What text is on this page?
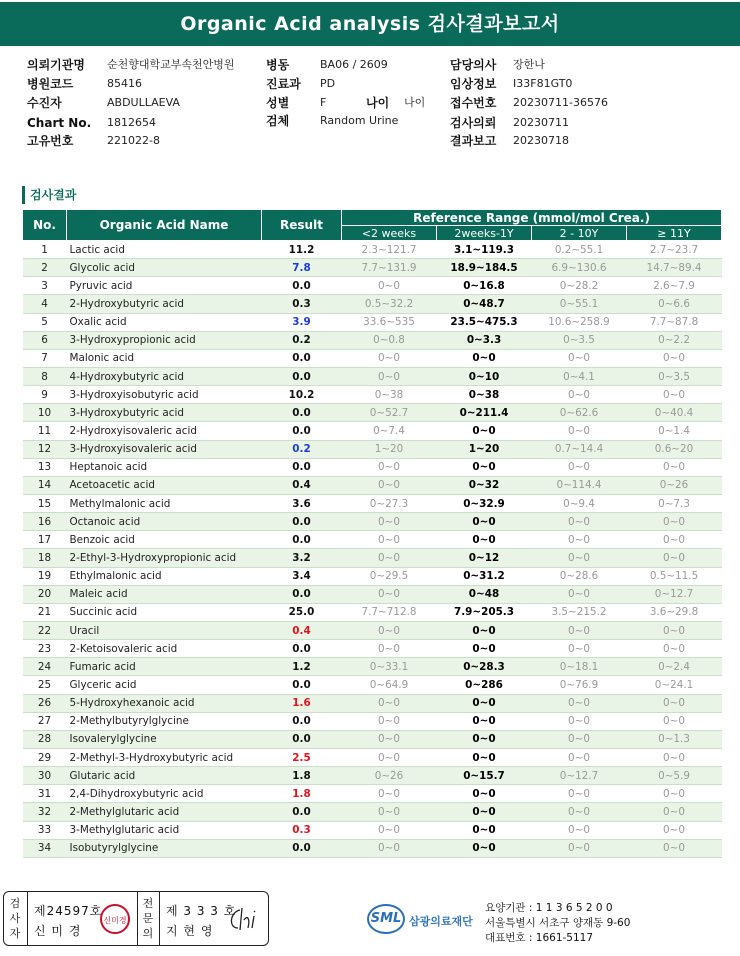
Organic Acid analysis 검사결과보고서
의뢰기관명 순천향대학교부속천안병원
병원코드	85416
수진자	ABDULLAEVA
Chart No. 1812654
고유번호	221022-8
병동	BA06 / 2609
진료과 PD
성별	F	나이 나이
검체	Random Urine
담당의사 장한나
임상정보 I33F81GT0
접수번호 20230711-36576
검사의뢰 20230711
결과보고 20230718
검사결과
No.	Organic Acid Name	Result	Reference Range (mmol/mol Crea.)			
			<2 weeks	2weeks-1Y	2 - 10Y	≥ 11Y
1	Lactic acid	11.2	2.3~121.7	3.1~119.3	0.2~55.1	2.7~23.7
2	Glycolic acid	7.8	7.7~131.9	18.9~184.5	6.9~130.6	14.7~89.4
3	Pyruvic acid	0.0	0~0	0~16.8	0~28.2	2.6~7.9
4	2-Hydroxybutyric acid	0.3	0.5~32.2	0~48.7	0~55.1	0~6.6
5	Oxalic acid	3.9	33.6~535	23.5~475.3	10.6~258.9	7.7~87.8
6	3-Hydroxypropionic acid	0.2	0~0.8	0~3.3	0~3.5	0~2.2
7	Malonic acid	0.0	0~0	0~0	0~0	0~0
8	4-Hydroxybutyric acid	0.0	0~0	0~10	0~4.1	0~3.5
9	3-Hydroxyisobutyric acid	10.2	0~38	0~38	0~0	0~0
10	3-Hydroxybutyric acid	0.0	0~52.7	0~211.4	0~62.6	0~40.4
11	2-Hydroxyisovaleric acid	0.0	0~7.4	0~0	0~0	0~1.4
12	3-Hydroxyisovaleric acid	0.2	1~20	1~20	0.7~14.4	0.6~20
13	Heptanoic acid	0.0	0~0	0~0	0~0	0~0
14	Acetoacetic acid	0.4	0~0	0~32	0~114.4	0~26
15	Methylmalonic acid	3.6	0~27.3	0~32.9	0~9.4	0~7.3
16	Octanoic acid	0.0	0~0	0~0	0~0	0~0
17	Benzoic acid	0.0	0~0	0~0	0~0	0~0
18	2-Ethyl-3-Hydroxypropionic acid	3.2	0~0	0~12	0~0	0~0
19	Ethylmalonic acid	3.4	0~29.5	0~31.2	0~28.6	0.5~11.5
20	Maleic acid	0.0	0~0	0~48	0~0	0~12.7
21	Succinic acid	25.0	7.7~712.8	7.9~205.3	3.5~215.2	3.6~29.8
22	Uracil	0.4	0~0	0~0	0~0	0~0
23	2-Ketoisovaleric acid	0.0	0~0	0~0	0~0	0~0
24	Fumaric acid	1.2	0~33.1	0~28.3	0~18.1	0~2.4
25	Glyceric acid	0.0	0~64.9	0~286	0~76.9	0~24.1
26	5-Hydroxyhexanoic acid	1.6	0~0	0~0	0~0	0~0
27	2-Methylbutyrylglycine	0.0	0~0	0~0	0~0	0~0
28	Isovalerylglycine	0.0	0~0	0~0	0~0	0~1.3
29	2-Methyl-3-Hydroxybutyric acid	2.5	0~0	0~0	0~0	0~0
30	Glutaric acid	1.8	0~26	0~15.7	0~12.7	0~5.9
31	2,4-Dihydroxybutyric acid	1.8	0~0	0~0	0~0	0~0
32	2-Methylglutaric acid	0.0	0~0	0~0	0~0	0~0
33	3-Methylglutaric acid	0.3	0~0	0~0	0~0	0~0
34	Isobutyrylglycine	0.0	0~0	0~0	0~0	0~0
검사자
제24597호
신 미 경
신미경
전문의
제 3 3 3 호
지 현 영
SML 삼광의료재단
요양기관 : 1 1 3 6 5 2 0 0
서울특별시 서초구 양재동 9-60
대표번호 : 1661-5117
